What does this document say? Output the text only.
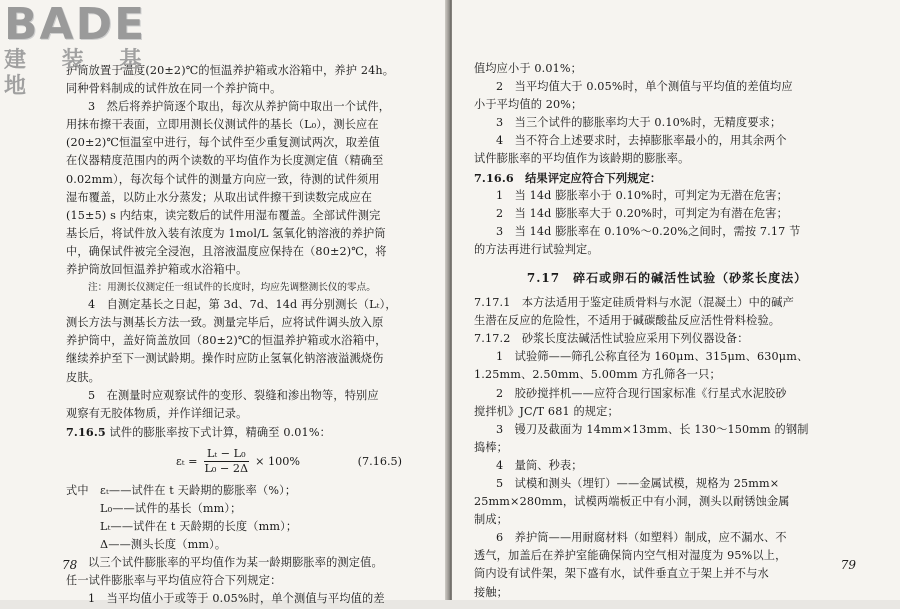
护筒放置于温度(20±2)℃的恒温养护箱或水浴箱中，养护 24h。
同种骨料制成的试件放在同一个养护筒中。
3　然后将养护筒逐个取出，每次从养护筒中取出一个试件，
用抹布擦干表面，立即用测长仪测试件的基长（L₀），测长应在
(20±2)℃恒温室中进行，每个试件至少重复测试两次，取差值
在仪器精度范围内的两个读数的平均值作为长度测定值（精确至
0.02mm），每次每个试件的测量方向应一致，待测的试件须用
湿布覆盖，以防止水分蒸发；从取出试件擦干到读数完成应在
(15±5) s 内结束，读完数后的试件用湿布覆盖。全部试件测完
基长后，将试件放入装有浓度为 1mol/L 氢氧化钠溶液的养护筒
中，确保试件被完全浸泡，且溶液温度应保持在（80±2)℃，将
养护筒放回恒温养护箱或水浴箱中。
注：用测长仪测定任一组试件的长度时，均应先调整测长仪的零点。
4　自测定基长之日起，第 3d、7d、14d 再分别测长（Lₜ），
测长方法与测基长方法一致。测量完毕后，应将试件调头放入原
养护筒中，盖好筒盖放回（80±2)℃的恒温养护箱或水浴箱中，
继续养护至下一测试龄期。操作时应防止氢氧化钠溶液溢溅烧伤
皮肤。
5　在测量时应观察试件的变形、裂缝和渗出物等，特别应
观察有无胶体物质，并作详细记录。
7.16.5 试件的膨胀率按下式计算，精确至 0.01%：
$\varepsilon_t = \frac{\text{Lₜ − L₀}}{\text{L₀ − 2Δ}} \times 100\%$	(7.16.5)
式中　εₜ——试件在 t 天龄期的膨胀率（%）；
L₀——试件的基长（mm）；
Lₜ——试件在 t 天龄期的长度（mm）；
Δ——测头长度（mm）。
以三个试件膨胀率的平均值作为某一龄期膨胀率的测定值。
任一试件膨胀率与平均值应符合下列规定：
1　当平均值小于或等于 0.05%时，单个测值与平均值的差
78
值均应小于 0.01%；
2　当平均值大于 0.05%时，单个测值与平均值的差值均应
小于平均值的 20%；
3　当三个试件的膨胀率均大于 0.10%时，无精度要求；
4　当不符合上述要求时，去掉膨胀率最小的，用其余两个
试件膨胀率的平均值作为该龄期的膨胀率。
7.16.6　结果评定应符合下列规定：
1　当 14d 膨胀率小于 0.10%时，可判定为无潜在危害；
2　当 14d 膨胀率大于 0.20%时，可判定为有潜在危害；
3　当 14d 膨胀率在 0.10%～0.20%之间时，需按 7.17 节
的方法再进行试验判定。
7.17　碎石或卵石的碱活性试验（砂浆长度法）
7.17.1　本方法适用于鉴定硅质骨料与水泥（混凝土）中的碱产
生潜在反应的危险性，不适用于碱碳酸盐反应活性骨料检验。
7.17.2　砂浆长度法碱活性试验应采用下列仪器设备：
1　试验筛——筛孔公称直径为 160μm、315μm、630μm、
1.25mm、2.50mm、5.00mm 方孔筛各一只；
2　胶砂搅拌机——应符合现行国家标准《行星式水泥胶砂
搅拌机》JC/T 681 的规定；
3　镘刀及截面为 14mm×13mm、长 130～150mm 的钢制
捣棒；
4　量筒、秒表；
5　试模和测头（埋钉）——金属试模，规格为 25mm×
25mm×280mm，试模两端板正中有小洞，测头以耐锈蚀金属
制成；
6　养护筒——用耐腐材料（如塑料）制成，应不漏水、不
透气，加盖后在养护室能确保筒内空气相对湿度为 95%以上，
筒内设有试件架，架下盛有水，试件垂直立于架上并不与水
接触；
79
BADE
建 装 基 地
